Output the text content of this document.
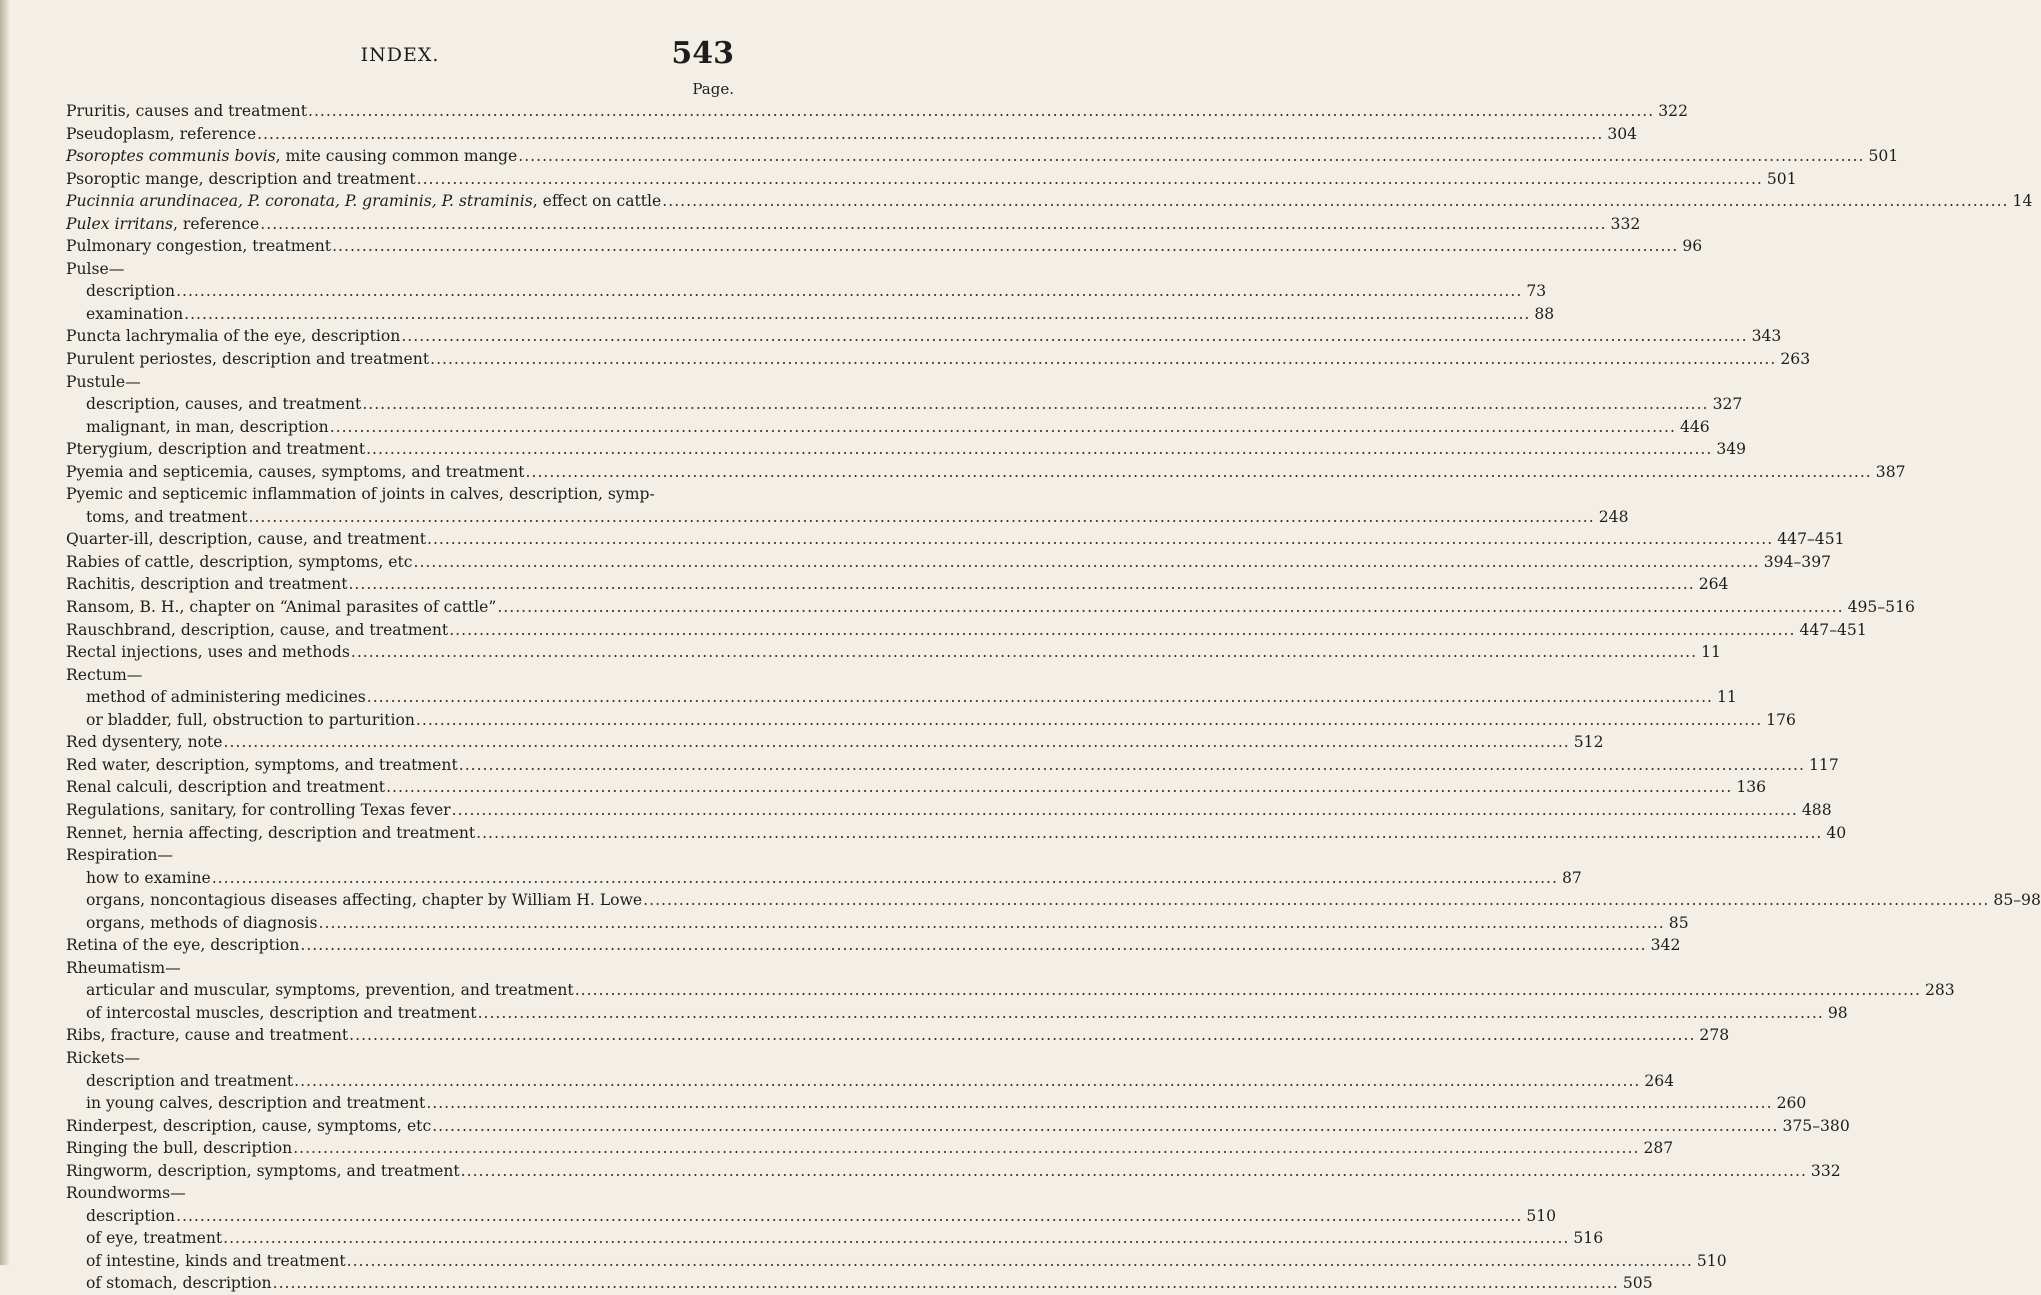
INDEX.	543
Page.
Pruritis, causes and treatment .....	322
Pseudoplasm, reference .....	304
Psoroptes communis bovis, mite causing common mange .....	501
Psoroptic mange, description and treatment .....	501
Pucinnia arundinacea, P. coronata, P. graminis, P. straminis, effect on cattle .....	14
Pulex irritans, reference .....	332
Pulmonary congestion, treatment .....	96
Pulse—
description .....	73
examination .....	88
Puncta lachrymalia of the eye, description .....	343
Purulent periostes, description and treatment .....	263
Pustule—
description, causes, and treatment .....	327
malignant, in man, description .....	446
Pterygium, description and treatment .....	349
Pyemia and septicemia, causes, symptoms, and treatment .....	387
Pyemic and septicemic inflammation of joints in calves, description, symp-
toms, and treatment .....	248
Quarter-ill, description, cause, and treatment .....	447–451
Rabies of cattle, description, symptoms, etc .....	394–397
Rachitis, description and treatment .....	264
Ransom, B. H., chapter on “Animal parasites of cattle” .....	495–516
Rauschbrand, description, cause, and treatment .....	447–451
Rectal injections, uses and methods .....	11
Rectum—
method of administering medicines .....	11
or bladder, full, obstruction to parturition .....	176
Red dysentery, note .....	512
Red water, description, symptoms, and treatment .....	117
Renal calculi, description and treatment .....	136
Regulations, sanitary, for controlling Texas fever .....	488
Rennet, hernia affecting, description and treatment .....	40
Respiration—
how to examine .....	87
organs, noncontagious diseases affecting, chapter by William H. Lowe .....	85–98
organs, methods of diagnosis .....	85
Retina of the eye, description .....	342
Rheumatism—
articular and muscular, symptoms, prevention, and treatment .....	283
of intercostal muscles, description and treatment .....	98
Ribs, fracture, cause and treatment .....	278
Rickets—
description and treatment .....	264
in young calves, description and treatment .....	260
Rinderpest, description, cause, symptoms, etc .....	375–380
Ringing the bull, description .....	287
Ringworm, description, symptoms, and treatment .....	332
Roundworms—
description .....	510
of eye, treatment .....	516
of intestine, kinds and treatment .....	510
of stomach, description .....	505
